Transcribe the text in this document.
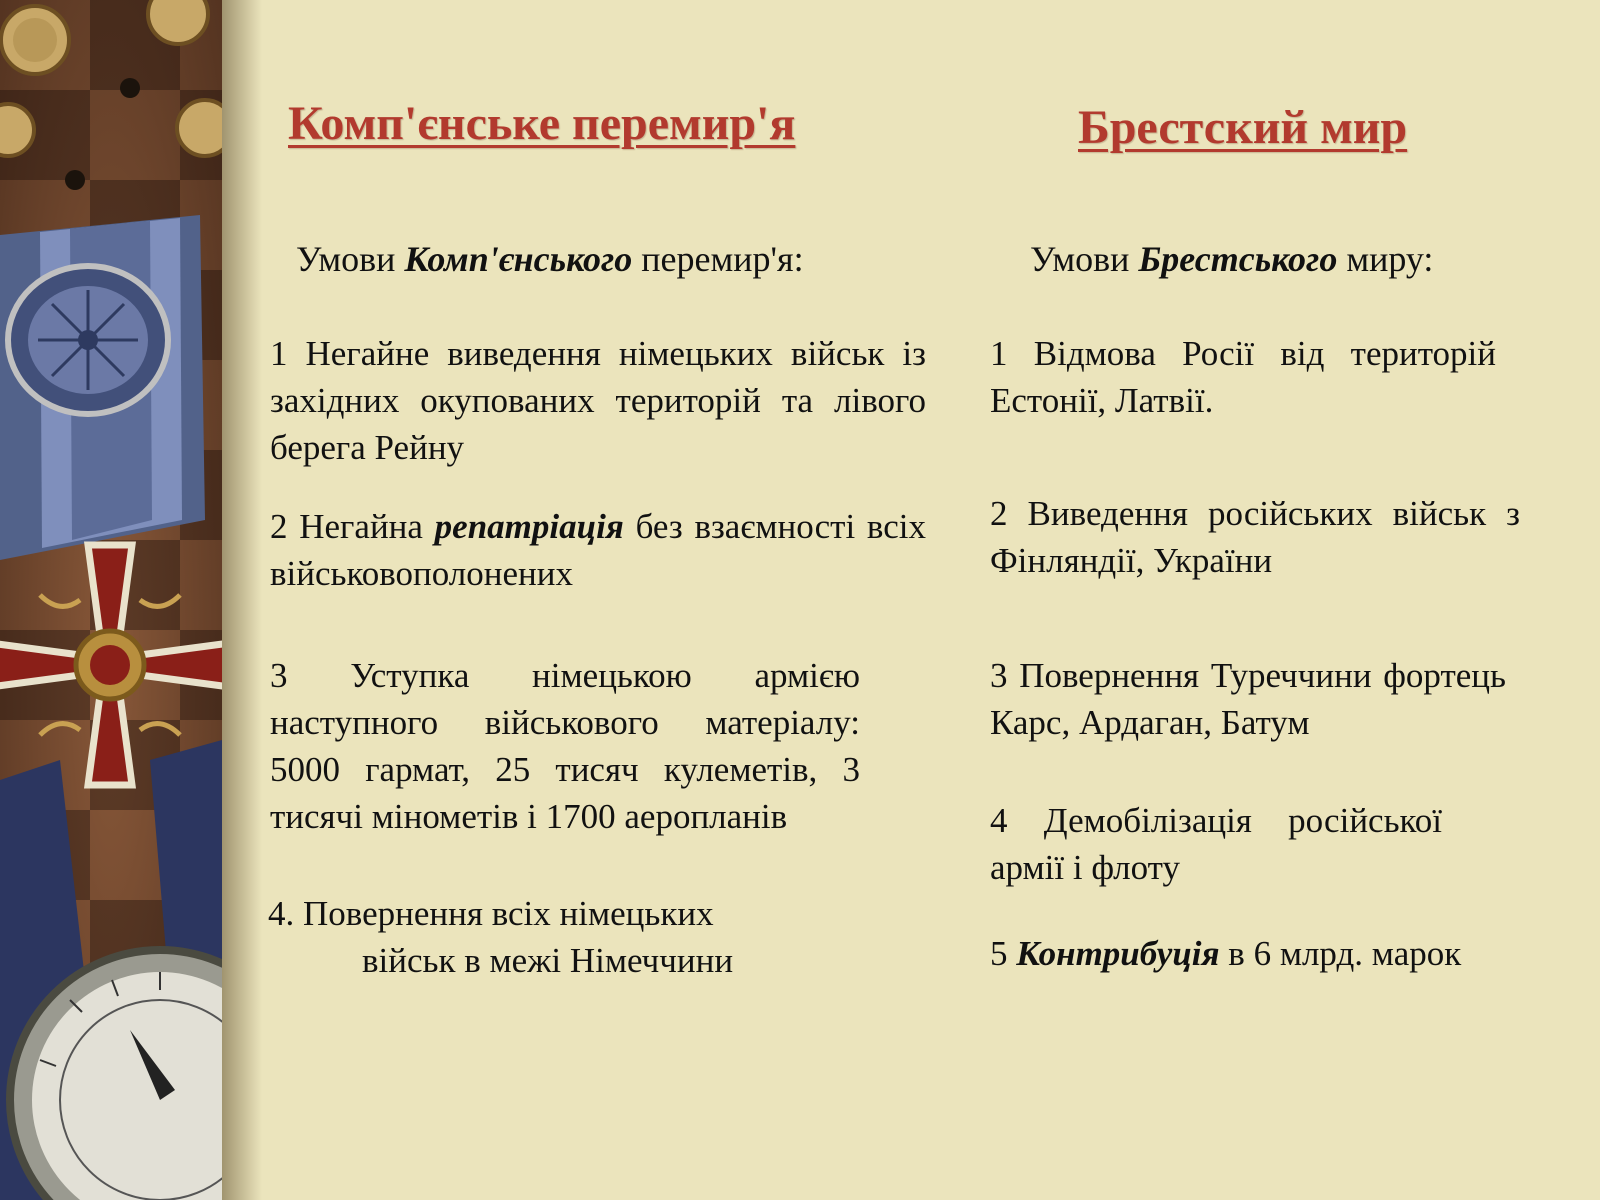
Комп'єнське перемир'я

Умови Комп'єнського перемир'я:

1 Негайне виведення німецьких військ із західних окупованих територій та лівого берега Рейну

2 Негайна репатріація без взаємності всіх військовополонених

3 Уступка німецькою армією наступного військового матеріалу: 5000 гармат, 25 тисяч кулеметів, 3 тисячі мінометів і 1700 аеропланів

4. Повернення всіх німецьких

військ в межі Німеччини

Брестский мир

Умови Брестського миру:

1 Відмова Росії від територій Естонії, Латвії.

2 Виведення російських військ з Фінляндії, України

3 Повернення Туреччини фортець Карс, Ардаган, Батум

4 Демобілізація російської армії і флоту

5 Контрибуція в 6 млрд. марок
